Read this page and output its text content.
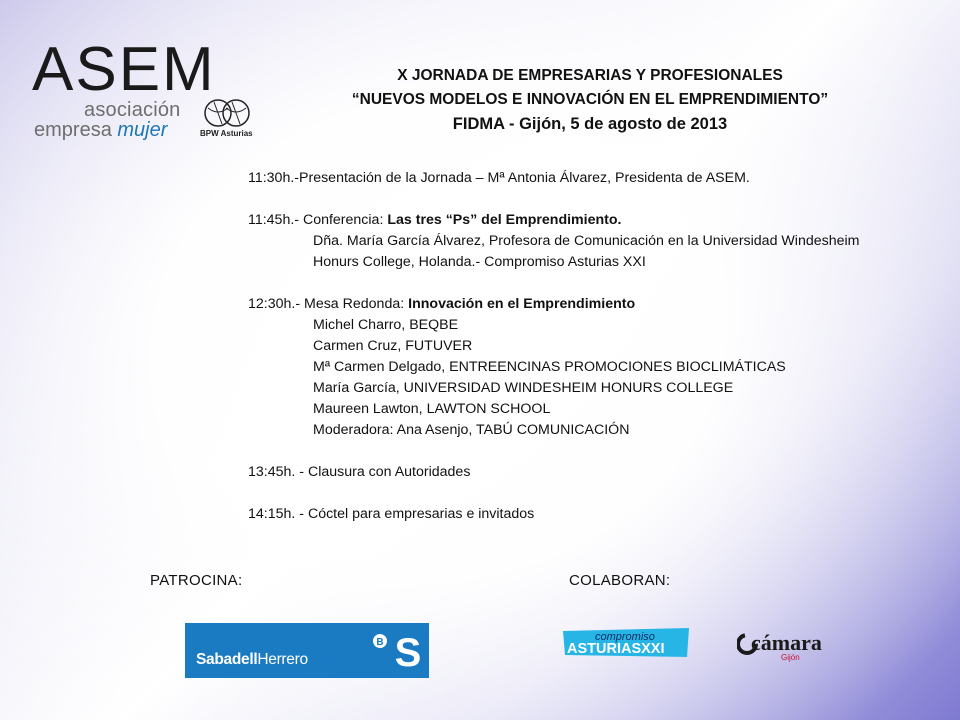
ASEM
asociación
empresa mujer	BPW Asturias
X JORNADA DE EMPRESARIAS Y PROFESIONALES
“NUEVOS MODELOS E INNOVACIÓN EN EL EMPRENDIMIENTO”
FIDMA - Gijón, 5 de agosto de 2013
11:30h.-Presentación de la Jornada – Mª Antonia Álvarez, Presidenta de ASEM.
11:45h.- Conferencia: Las tres “Ps” del Emprendimiento.
Dña. María García Álvarez, Profesora de Comunicación en la Universidad Windesheim
Honurs College, Holanda.- Compromiso Asturias XXI
12:30h.- Mesa Redonda: Innovación en el Emprendimiento
Michel Charro, BEQBE
Carmen Cruz, FUTUVER
Mª Carmen Delgado, ENTREENCINAS PROMOCIONES BIOCLIMÁTICAS
María García, UNIVERSIDAD WINDESHEIM HONURS COLLEGE
Maureen Lawton, LAWTON SCHOOL
Moderadora: Ana Asenjo, TABÚ COMUNICACIÓN
13:45h. - Clausura con Autoridades
14:15h. - Cóctel para empresarias e invitados
PATROCINA:	COLABORAN:
SabadellHerrero
B S	compromiso
ASTURIASXXI	cámara
Gijón
